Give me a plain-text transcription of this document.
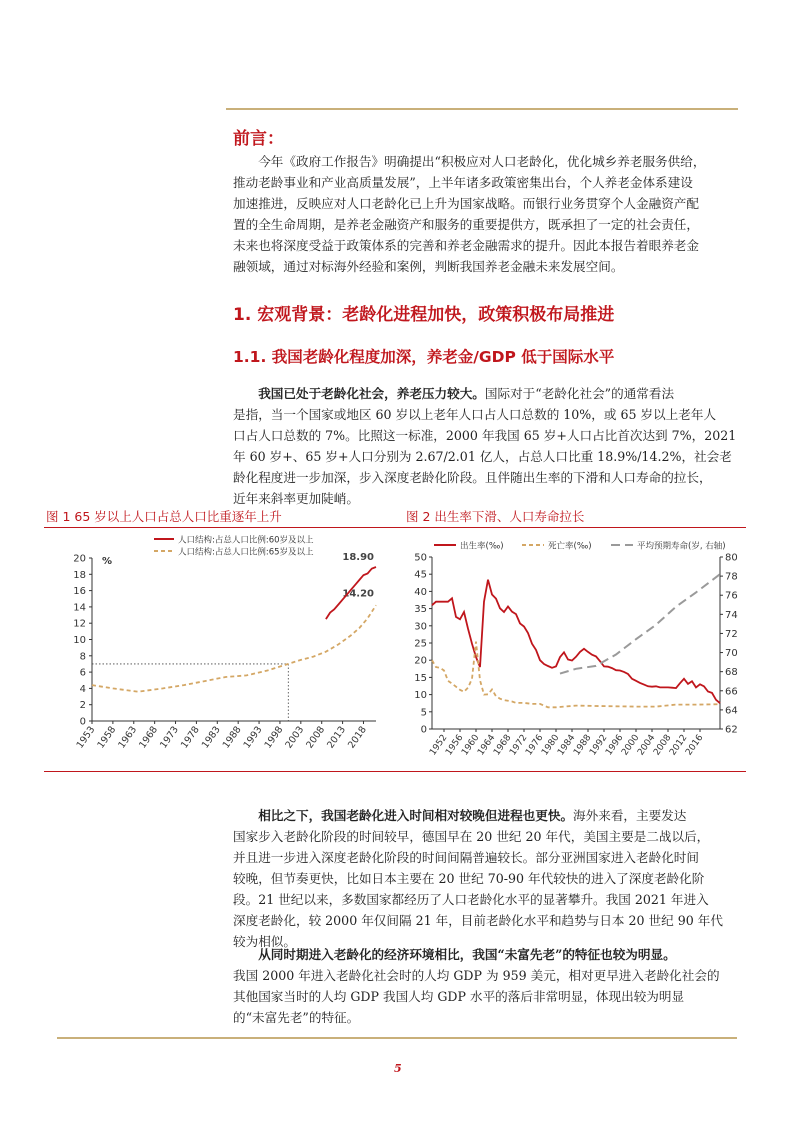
前言：
今年《政府工作报告》明确提出“积极应对人口老龄化，优化城乡养老服务供给，
推动老龄事业和产业高质量发展”，上半年诸多政策密集出台，个人养老金体系建设
加速推进，反映应对人口老龄化已上升为国家战略。而银行业务贯穿个人金融资产配
置的全生命周期，是养老金融资产和服务的重要提供方，既承担了一定的社会责任，
未来也将深度受益于政策体系的完善和养老金融需求的提升。因此本报告着眼养老金
融领域，通过对标海外经验和案例，判断我国养老金融未来发展空间。
1. 宏观背景：老龄化进程加快，政策积极布局推进
1.1. 我国老龄化程度加深，养老金/GDP 低于国际水平
我国已处于老龄化社会，养老压力较大。国际对于“老龄化社会”的通常看法
是指，当一个国家或地区 60 岁以上老年人口占人口总数的 10%，或 65 岁以上老年人
口占人口总数的 7%。比照这一标准，2000 年我国 65 岁+人口占比首次达到 7%，2021
年 60 岁+、65 岁+人口分别为 2.67/2.01 亿人，占总人口比重 18.9%/14.2%，社会老
龄化程度进一步加深，步入深度老龄化阶段。且伴随出生率的下滑和人口寿命的拉长，
近年来斜率更加陡峭。
图 1 65 岁以上人口占总人口比重逐年上升	图 2 出生率下滑、人口寿命拉长
%
0
2
4
6
8
10
12
14
16
18
20
1953
1958
1963
1968
1973
1978
1983
1988
1993
1998
2003
2008
2013
2018
人口结构:占总人口比例:60岁及以上
人口结构:占总人口比例:65岁及以上	18.90
14.20
0
5
10
15
20
25
30
35
40
45
50
62
64
66
68
70
72
74
76
78
80
1952
1956
1960
1964
1968
1972
1976
1980
1984
1988
1992
1996
2000
2004
2008
2012
2016
出生率(‰)	死亡率(‰)	平均预期寿命(岁, 右轴)
相比之下，我国老龄化进入时间相对较晚但进程也更快。海外来看，主要发达
国家步入老龄化阶段的时间较早，德国早在 20 世纪 20 年代，美国主要是二战以后，
并且进一步进入深度老龄化阶段的时间间隔普遍较长。部分亚洲国家进入老龄化时间
较晚，但节奏更快，比如日本主要在 20 世纪 70-90 年代较快的进入了深度老龄化阶
段。21 世纪以来，多数国家都经历了人口老龄化水平的显著攀升。我国 2021 年进入
深度老龄化，较 2000 年仅间隔 21 年，目前老龄化水平和趋势与日本 20 世纪 90 年代
较为相似。
从同时期进入老龄化的经济环境相比，我国“未富先老”的特征也较为明显。
我国 2000 年进入老龄化社会时的人均 GDP 为 959 美元，相对更早进入老龄化社会的
其他国家当时的人均 GDP 我国人均 GDP 水平的落后非常明显，体现出较为明显
的“未富先老”的特征。
5
